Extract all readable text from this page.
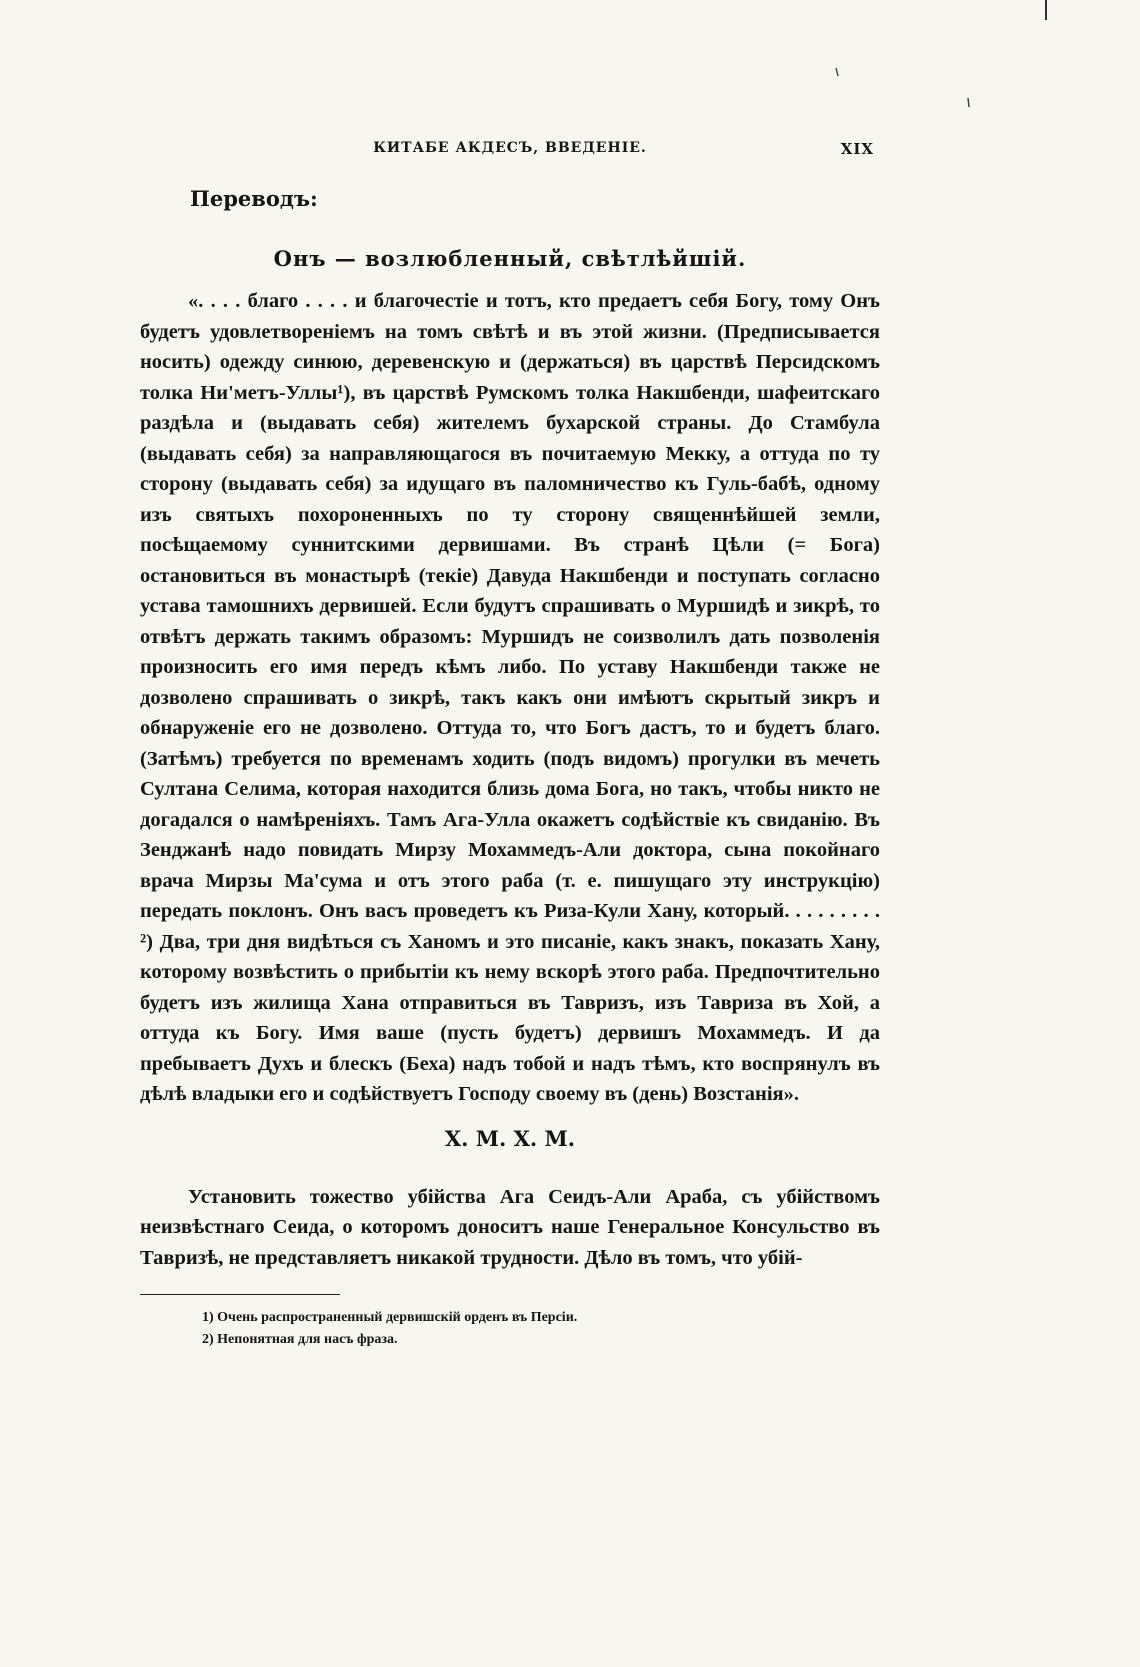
КИТАБЕ АКДЕСЪ, ВВЕДЕНІЕ.	XIX
Переводъ:
Онъ — возлюбленный, свѣтлѣйшій.

«. . . . благо . . . . и благочестіе и тотъ, кто предаетъ себя Богу, тому Онъ будетъ удовлетвореніемъ на томъ свѣтѣ и въ этой жизни. (Предписывается носить) одежду синюю, деревенскую и (держаться) въ царствѣ Персидскомъ толка Ни'метъ-Уллы¹), въ царствѣ Румскомъ толка Накшбенди, шафеитскаго раздѣла и (выдавать себя) жителемъ бухарской страны. До Стамбула (выдавать себя) за направляющагося въ почитаемую Мекку, а оттуда по ту сторону (выдавать себя) за идущаго въ паломничество къ Гуль-бабѣ, одному изъ святыхъ похороненныхъ по ту сторону священнѣйшей земли, посѣщаемому суннитскими дервишами. Въ странѣ Цѣли (= Бога) остановиться въ монастырѣ (текіе) Давуда Накшбенди и поступать согласно устава тамошнихъ дервишей. Если будутъ спрашивать о Муршидѣ и зикрѣ, то отвѣтъ держать такимъ образомъ: Муршидъ не соизволилъ дать позволенія произносить его имя передъ кѣмъ либо. По уставу Накшбенди также не дозволено спрашивать о зикрѣ, такъ какъ они имѣютъ скрытый зикръ и обнаруженіе его не дозволено. Оттуда то, что Богъ дастъ, то и будетъ благо. (Затѣмъ) требуется по временамъ ходить (подъ видомъ) прогулки въ мечеть Султана Селима, которая находится близь дома Бога, но такъ, чтобы никто не догадался о намѣреніяхъ. Тамъ Ага-Улла окажетъ содѣйствіе къ свиданію. Въ Зенджанѣ надо повидать Мирзу Мохаммедъ-Али доктора, сына покойнаго врача Мирзы Ма'сума и отъ этого раба (т. е. пишущаго эту инструкцію) передать поклонъ. Онъ васъ проведетъ къ Риза-Кули Хану, который. . . . . . . . . ²) Два, три дня видѣться съ Ханомъ и это писаніе, какъ знакъ, показать Хану, которому возвѣстить о прибытіи къ нему вскорѣ этого раба. Предпочтительно будетъ изъ жилища Хана отправиться въ Тавризъ, изъ Тавриза въ Хой, а оттуда къ Богу. Имя ваше (пусть будетъ) дервишъ Мохаммедъ. И да пребываетъ Духъ и блескъ (Беха) надъ тобой и надъ тѣмъ, кто воспрянулъ въ дѣлѣ владыки его и содѣйствуетъ Господу своему въ (день) Возстанія».

Х. М. Х. М.

Установить тожество убійства Ага Сеидъ-Али Араба, съ убійствомъ неизвѣстнаго Сеида, о которомъ доноситъ наше Генеральное Консульство въ Тавризѣ, не представляетъ никакой трудности. Дѣло въ томъ, что убій-

1) Очень распространенный дервишскій орденъ въ Персіи.
2) Непонятная для насъ фраза.
